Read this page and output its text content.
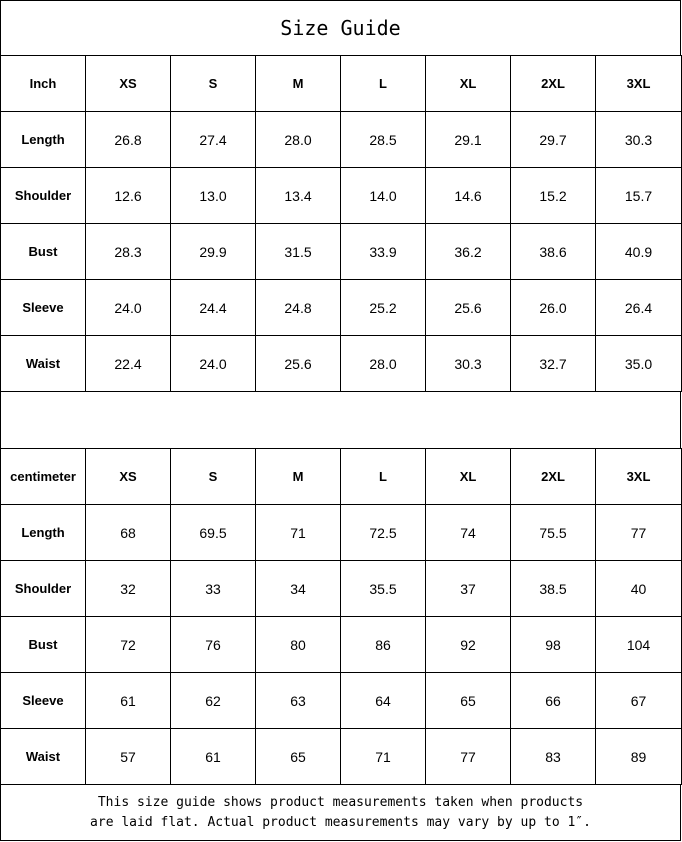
Size Guide
Inch	XS	S	M	L	XL	2XL	3XL
Length	26.8	27.4	28.0	28.5	29.1	29.7	30.3
Shoulder	12.6	13.0	13.4	14.0	14.6	15.2	15.7
Bust	28.3	29.9	31.5	33.9	36.2	38.6	40.9
Sleeve	24.0	24.4	24.8	25.2	25.6	26.0	26.4
Waist	22.4	24.0	25.6	28.0	30.3	32.7	35.0
centimeter	XS	S	M	L	XL	2XL	3XL
Length	68	69.5	71	72.5	74	75.5	77
Shoulder	32	33	34	35.5	37	38.5	40
Bust	72	76	80	86	92	98	104
Sleeve	61	62	63	64	65	66	67
Waist	57	61	65	71	77	83	89
This size guide shows product measurements taken when products
are laid flat. Actual product measurements may vary by up to 1″.
